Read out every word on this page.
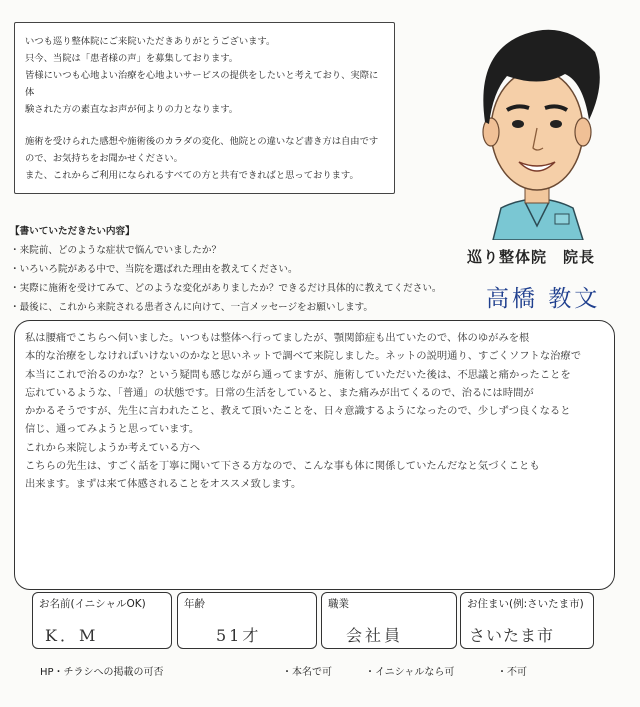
いつも巡り整体院にご来院いただきありがとうございます。

只今、当院は「患者様の声」を募集しております。

皆様にいつも心地よい治療を心地よいサービスの提供をしたいと考えており、実際に体

験された方の素直なお声が何よりの力となります。

施術を受けられた感想や施術後のカラダの変化、他院との違いなど書き方は自由です

ので、お気持ちをお聞かせください。

また、これからご利用になられるすべての方と共有できればと思っております。

巡り整体院　院長
高橋 教文
【書いていただきたい内容】
・来院前、どのような症状で悩んでいましたか？
・いろいろ院がある中で、当院を選ばれた理由を教えてください。
・実際に施術を受けてみて、どのような変化がありましたか？できるだけ具体的に教えてください。
・最後に、これから来院される患者さんに向けて、一言メッセージをお願いします。
私は腰痛でこちらへ伺いました。いつもは整体へ行ってましたが、顎関節症も出ていたので、体のゆがみを根
本的な治療をしなければいけないのかなと思いネットで調べて来院しました。ネットの説明通り、すごくソフトな治療で
本当にこれで治るのかな？という疑問も感じながら通ってますが、施術していただいた後は、不思議と痛かったことを
忘れているような、「普通」の状態です。日常の生活をしていると、また痛みが出てくるので、治るには時間が
かかるそうですが、先生に言われたこと、教えて頂いたことを、日々意識するようになったので、少しずつ良くなると
信じ、通ってみようと思っています。
これから来院しようか考えている方へ
こちらの先生は、すごく話を丁寧に聞いて下さる方なので、こんな事も体に関係していたんだなと気づくことも
出来ます。まずは来て体感されることをオススメ致します。
お名前(イニシャルOK)
K．M
年齢
51才
職業
会社員
お住まい(例:さいたま市)
さいたま市
HP・チラシへの掲載の可否	・本名で可	・イニシャルなら可	・不可
